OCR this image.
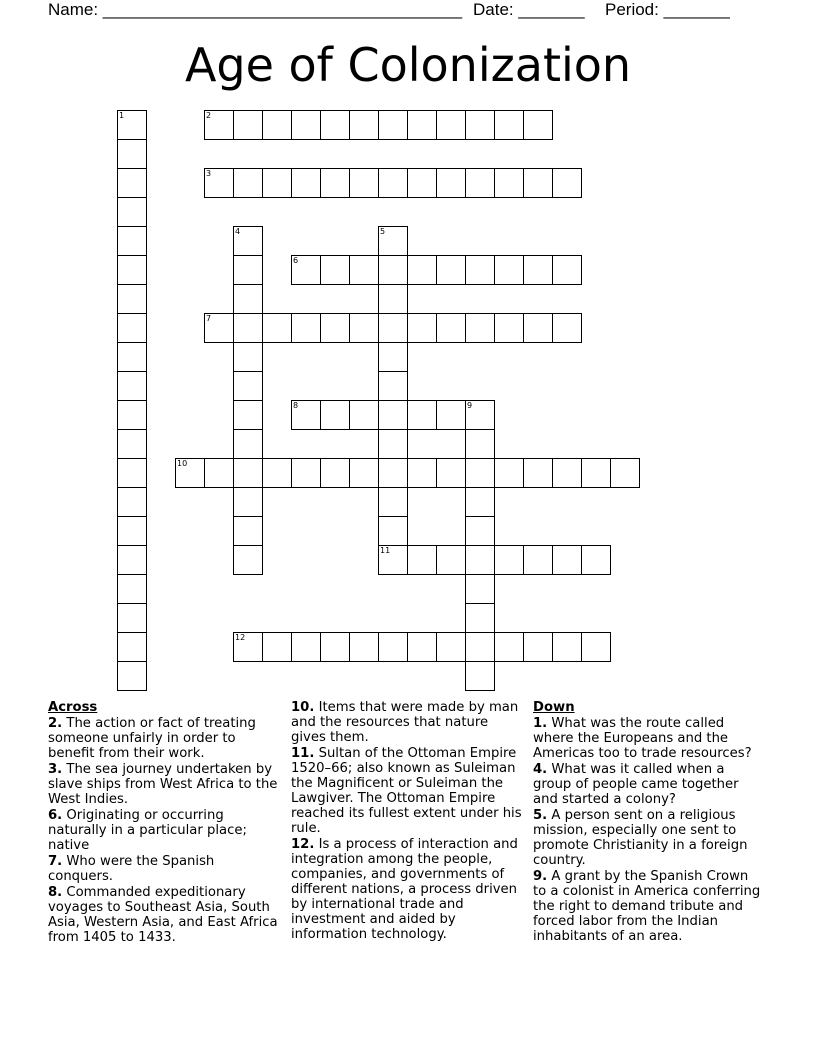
Name: ______________________________________ Date: _______ Period: _______
Age of Colonization
1	2
3
4	5
6
7
8	9
10
11
12
Across
2. The action or fact of treating someone unfairly in order to benefit from their work.
3. The sea journey undertaken by slave ships from West Africa to the West Indies.
6. Originating or occurring naturally in a particular place; native
7. Who were the Spanish conquers.
8. Commanded expeditionary voyages to Southeast Asia, South Asia, Western Asia, and East Africa from 1405 to 1433.
10. Items that were made by man and the resources that nature gives them.
11. Sultan of the Ottoman Empire 1520–66; also known as Suleiman the Magnificent or Suleiman the Lawgiver. The Ottoman Empire reached its fullest extent under his rule.
12. Is a process of interaction and integration among the people, companies, and governments of different nations, a process driven by international trade and investment and aided by information technology.
Down
1. What was the route called where the Europeans and the Americas too to trade resources?
4. What was it called when a group of people came together and started a colony?
5. A person sent on a religious mission, especially one sent to promote Christianity in a foreign country.
9. A grant by the Spanish Crown to a colonist in America conferring the right to demand tribute and forced labor from the Indian inhabitants of an area.
